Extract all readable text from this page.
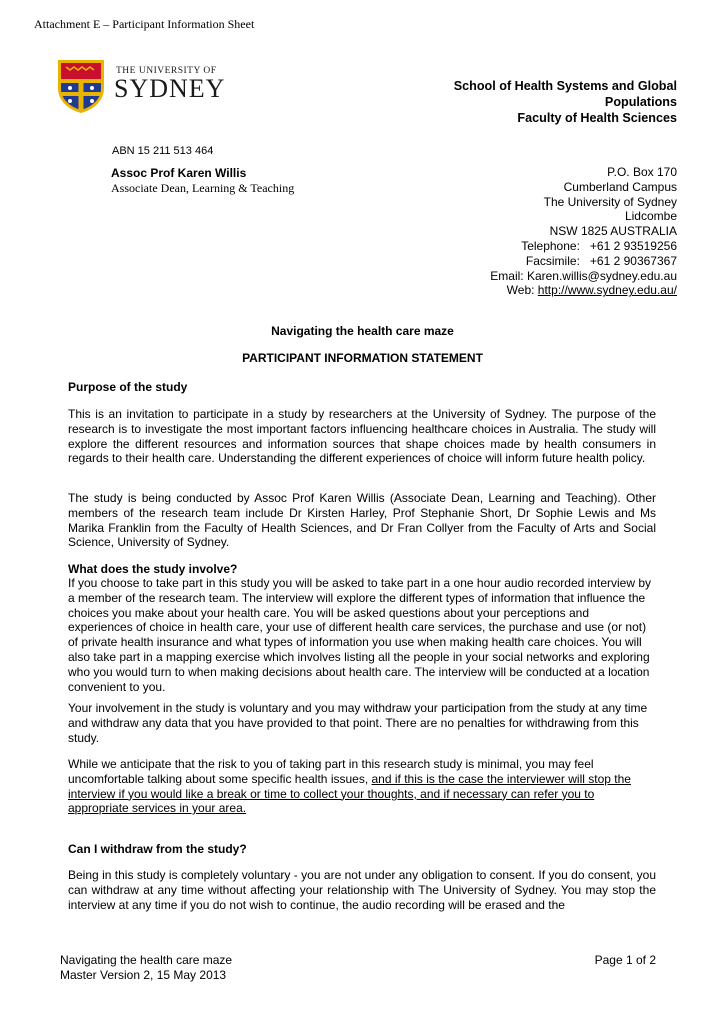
Attachment E – Participant Information Sheet
THE UNIVERSITY OF
SYDNEY	School of Health Systems and Global
Populations
Faculty of Health Sciences
ABN 15 211 513 464
Assoc Prof Karen Willis
Associate Dean, Learning & Teaching
P.O. Box 170
Cumberland Campus
The University of Sydney
Lidcombe
NSW 1825 AUSTRALIA
Telephone:   +61 2 93519256
Facsimile:   +61 2 90367367
Email: Karen.willis@sydney.edu.au
Web: http://www.sydney.edu.au/
Navigating the health care maze
PARTICIPANT INFORMATION STATEMENT
Purpose of the study
This is an invitation to participate in a study by researchers at the University of Sydney. The purpose of the research is to investigate the most important factors influencing healthcare choices in Australia. The study will explore the different resources and information sources that shape choices made by health consumers in regards to their health care. Understanding the different experiences of choice will inform future health policy.
The study is being conducted by Assoc Prof Karen Willis (Associate Dean, Learning and Teaching). Other members of the research team include Dr Kirsten Harley, Prof Stephanie Short, Dr Sophie Lewis and Ms Marika Franklin from the Faculty of Health Sciences, and Dr Fran Collyer from the Faculty of Arts and Social Science, University of Sydney.
What does the study involve?
If you choose to take part in this study you will be asked to take part in a one hour audio recorded interview by a member of the research team. The interview will explore the different types of information that influence the choices you make about your health care. You will be asked questions about your perceptions and experiences of choice in health care, your use of different health care services, the purchase and use (or not) of private health insurance and what types of information you use when making health care choices. You will also take part in a mapping exercise which involves listing all the people in your social networks and exploring who you would turn to when making decisions about health care. The interview will be conducted at a location convenient to you.
Your involvement in the study is voluntary and you may withdraw your participation from the study at any time and withdraw any data that you have provided to that point. There are no penalties for withdrawing from this study.
While we anticipate that the risk to you of taking part in this research study is minimal, you may feel uncomfortable talking about some specific health issues, and if this is the case the interviewer will stop the interview if you would like a break or time to collect your thoughts, and if necessary can refer you to appropriate services in your area.
Can I withdraw from the study?
Being in this study is completely voluntary - you are not under any obligation to consent. If you do consent, you can withdraw at any time without affecting your relationship with The University of Sydney. You may stop the interview at any time if you do not wish to continue, the audio recording will be erased and the
Navigating the health care maze
Master Version 2, 15 May 2013
Page 1 of 2
